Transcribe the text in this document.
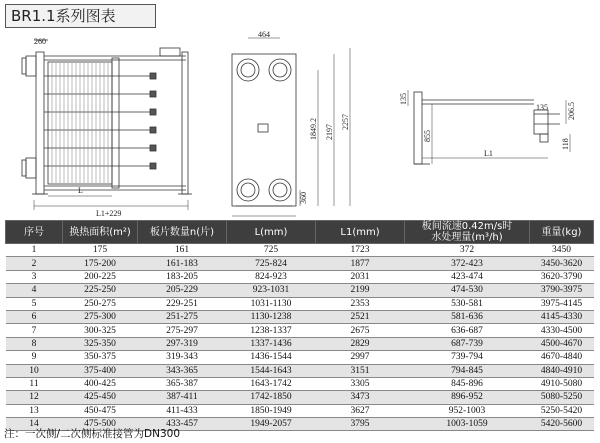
BR1.1系列图表
260
L
L1+229
464
1849.2 2197
2257
360
135
855
135 206.5
118
L1
序号	换热面积(m²)	板片数量n(片)	L(mm)	L1(mm)	板间流速0.42m/s时
水处理量(m³/h)	重量(kg)
1	175	161	725	1723	372	3450
2	175-200	161-183	725-824	1877	372-423	3450-3620
3	200-225	183-205	824-923	2031	423-474	3620-3790
4	225-250	205-229	923-1031	2199	474-530	3790-3975
5	250-275	229-251	1031-1130	2353	530-581	3975-4145
6	275-300	251-275	1130-1238	2521	581-636	4145-4330
7	300-325	275-297	1238-1337	2675	636-687	4330-4500
8	325-350	297-319	1337-1436	2829	687-739	4500-4670
9	350-375	319-343	1436-1544	2997	739-794	4670-4840
10	375-400	343-365	1544-1643	3151	794-845	4840-4910
11	400-425	365-387	1643-1742	3305	845-896	4910-5080
12	425-450	387-411	1742-1850	3473	896-952	5080-5250
13	450-475	411-433	1850-1949	3627	952-1003	5250-5420
14	475-500	433-457	1949-2057	3795	1003-1059	5420-5600
注：一次侧/二次侧标准接管为DN300
